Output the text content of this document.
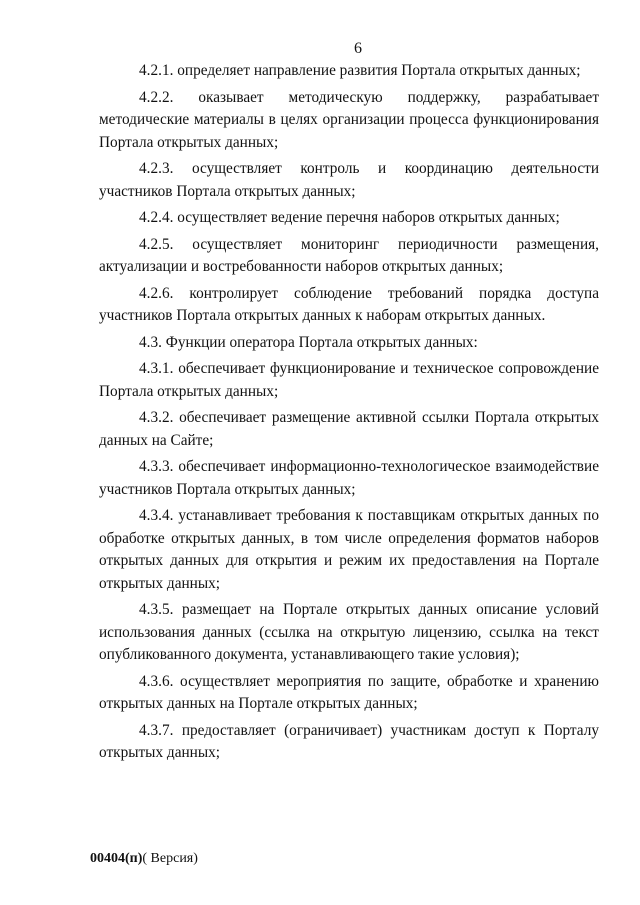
6

4.2.1. определяет направление развития Портала открытых данных;

4.2.2. оказывает методическую поддержку, разрабатывает методические материалы в целях организации процесса функционирования Портала открытых данных;

4.2.3. осуществляет контроль и координацию деятельности участников Портала открытых данных;

4.2.4. осуществляет ведение перечня наборов открытых данных;

4.2.5. осуществляет мониторинг периодичности размещения, актуализации и востребованности наборов открытых данных;

4.2.6. контролирует соблюдение требований порядка доступа участников Портала открытых данных к наборам открытых данных.

4.3. Функции оператора Портала открытых данных:

4.3.1. обеспечивает функционирование и техническое сопровождение Портала открытых данных;

4.3.2. обеспечивает размещение активной ссылки Портала открытых данных на Сайте;

4.3.3. обеспечивает информационно-технологическое взаимодействие участников Портала открытых данных;

4.3.4. устанавливает требования к поставщикам открытых данных по обработке открытых данных, в том числе определения форматов наборов открытых данных для открытия и режим их предоставления на Портале открытых данных;

4.3.5. размещает на Портале открытых данных описание условий использования данных (ссылка на открытую лицензию, ссылка на текст опубликованного документа, устанавливающего такие условия);

4.3.6. осуществляет мероприятия по защите, обработке и хранению открытых данных на Портале открытых данных;

4.3.7. предоставляет (ограничивает) участникам доступ к Порталу открытых данных;

00404(п)( Версия)
